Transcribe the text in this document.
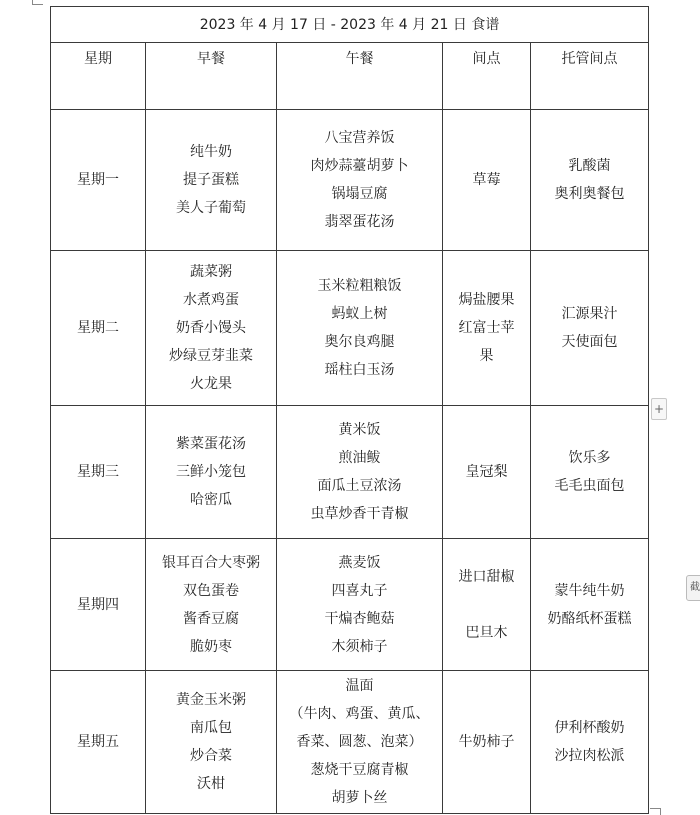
2023 年 4 月 17 日 - 2023 年 4 月 21 日 食谱				
星期	早餐	午餐	间点	托管间点
星期一	纯牛奶
提子蛋糕
美人子葡萄	八宝营养饭
肉炒蒜薹胡萝卜
锅塌豆腐
翡翠蛋花汤	草莓	乳酸菌
奥利奥餐包

星期二	蔬菜粥
水煮鸡蛋
奶香小馒头
炒绿豆芽韭菜
火龙果	玉米粒粗粮饭
蚂蚁上树
奥尔良鸡腿
瑶柱白玉汤	焗盐腰果
红富士苹
果	汇源果汁
天使面包

星期三	紫菜蛋花汤
三鲜小笼包
哈密瓜	黄米饭
煎油鲅
面瓜土豆浓汤
虫草炒香干青椒	皇冠梨	饮乐多
毛毛虫面包

星期四	银耳百合大枣粥
双色蛋卷
酱香豆腐
脆奶枣	燕麦饭
四喜丸子
干煸杏鲍菇
木须柿子	进口甜椒

巴旦木	蒙牛纯牛奶
奶酪纸杯蛋糕

星期五	黄金玉米粥
南瓜包
炒合菜
沃柑	温面
（牛肉、鸡蛋、黄瓜、
香菜、圆葱、泡菜）
葱烧干豆腐青椒
胡萝卜丝	牛奶柿子	伊利杯酸奶
沙拉肉松派
+
截
